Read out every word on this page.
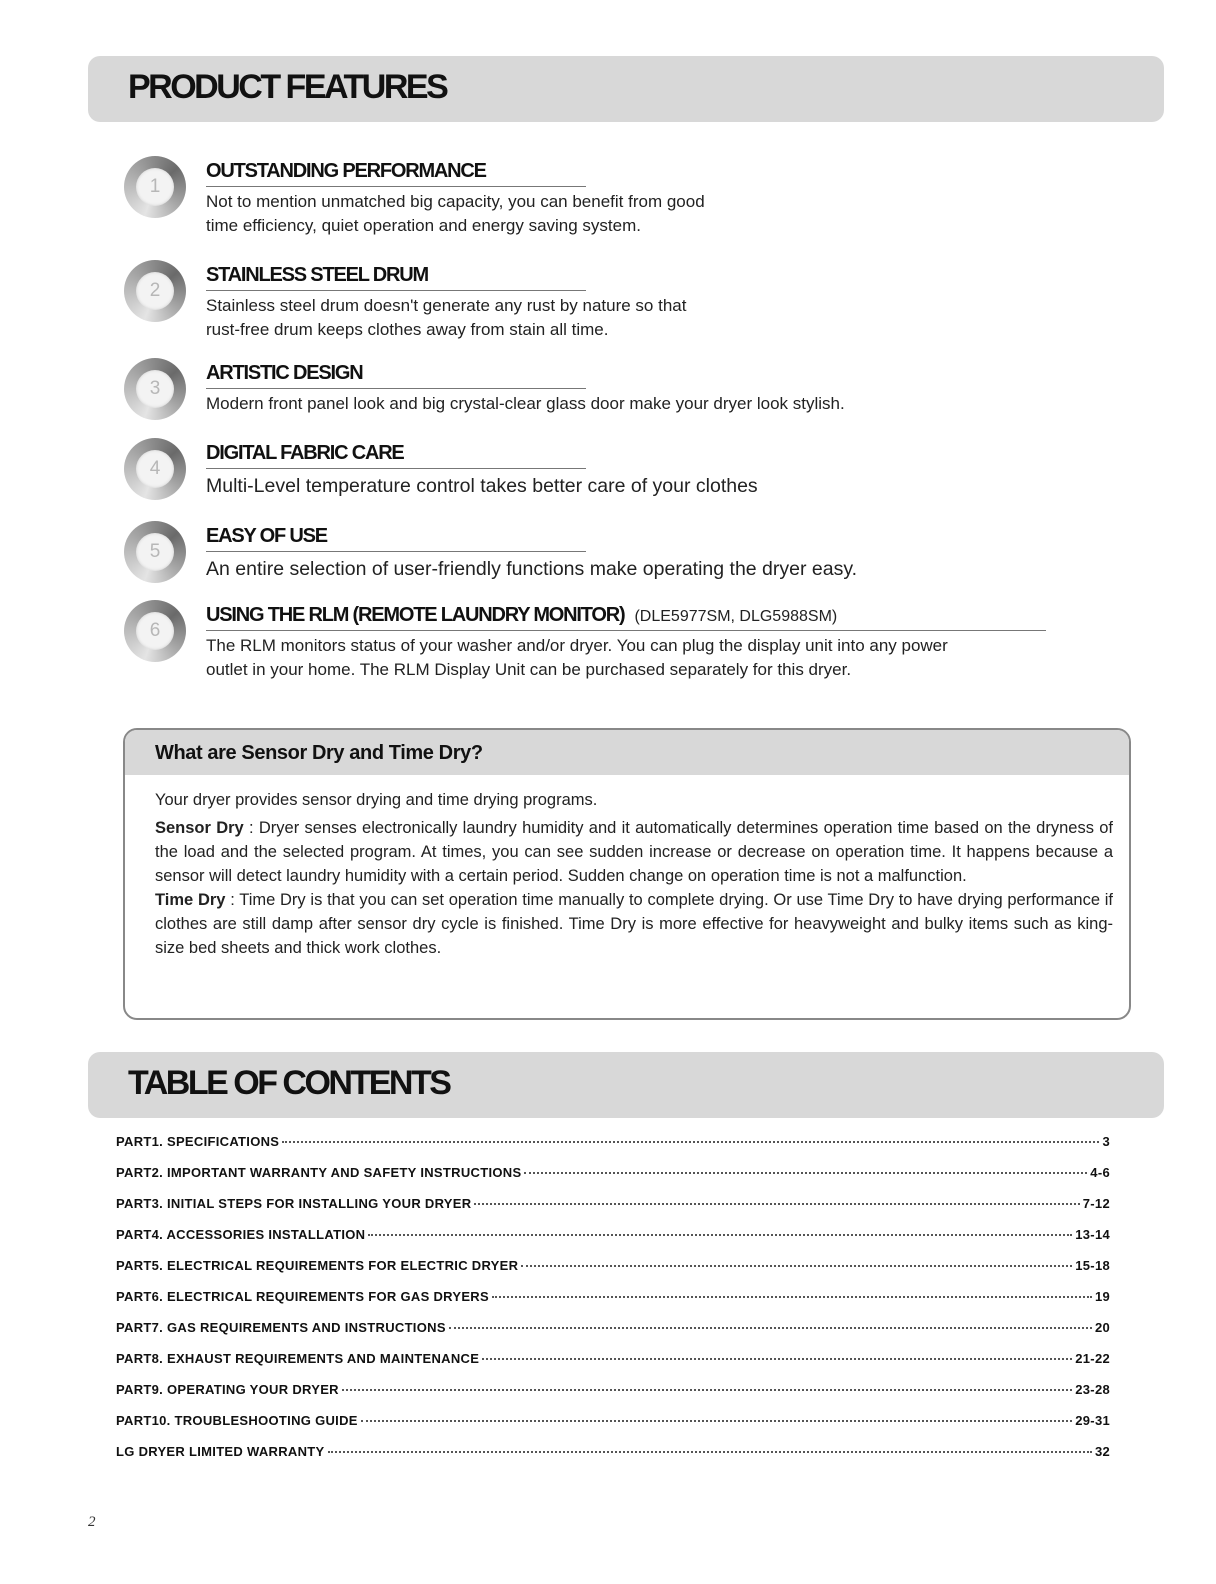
PRODUCT FEATURES
1
OUTSTANDING PERFORMANCE

Not to mention unmatched big capacity, you can benefit from good
time efficiency, quiet operation and energy saving system.

2
STAINLESS STEEL DRUM

Stainless steel drum doesn't generate any rust by nature so that
rust-free drum keeps clothes away from stain all time.

3
ARTISTIC DESIGN

Modern front panel look and big crystal-clear glass door make your dryer look stylish.

4
DIGITAL FABRIC CARE

Multi-Level temperature control takes better care of your clothes

5
EASY OF USE

An entire selection of user-friendly functions make operating the dryer easy.

6
USING THE RLM (REMOTE LAUNDRY MONITOR) (DLE5977SM, DLG5988SM)

The RLM monitors status of your washer and/or dryer. You can plug the display unit into any power
outlet in your home. The RLM Display Unit can be purchased separately for this dryer.

What are Sensor Dry and Time Dry?

Your dryer provides sensor drying and time drying programs.

Sensor Dry : Dryer senses electronically laundry humidity and it automatically determines operation time based on the dryness of the load and the selected program. At times, you can see sudden increase or decrease on operation time. It happens because a sensor will detect laundry humidity with a certain period. Sudden change on operation time is not a malfunction.

Time Dry : Time Dry is that you can set operation time manually to complete drying. Or use Time Dry to have drying performance if clothes are still damp after sensor dry cycle is finished. Time Dry is more effective for heavyweight and bulky items such as king-size bed sheets and thick work clothes.

TABLE OF CONTENTS
PART1. SPECIFICATIONS	3
PART2. IMPORTANT WARRANTY AND SAFETY INSTRUCTIONS	4-6
PART3. INITIAL STEPS FOR INSTALLING YOUR DRYER	7-12
PART4. ACCESSORIES INSTALLATION	13-14
PART5. ELECTRICAL REQUIREMENTS FOR ELECTRIC DRYER	15-18
PART6. ELECTRICAL REQUIREMENTS FOR GAS DRYERS	19
PART7. GAS REQUIREMENTS AND INSTRUCTIONS	20
PART8. EXHAUST REQUIREMENTS AND MAINTENANCE	21-22
PART9. OPERATING YOUR DRYER	23-28
PART10. TROUBLESHOOTING GUIDE	29-31
LG DRYER LIMITED WARRANTY	32
2
